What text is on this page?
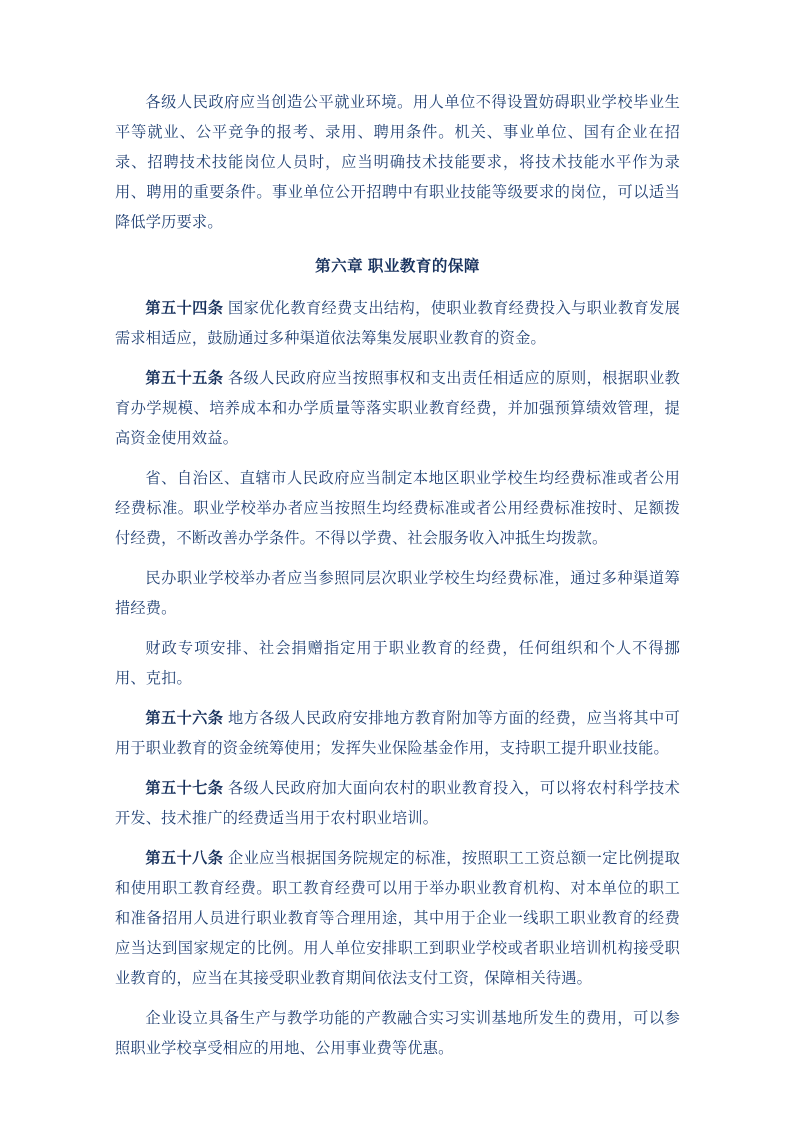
各级人民政府应当创造公平就业环境。用人单位不得设置妨碍职业学校毕业生平等就业、公平竞争的报考、录用、聘用条件。机关、事业单位、国有企业在招录、招聘技术技能岗位人员时，应当明确技术技能要求，将技术技能水平作为录用、聘用的重要条件。事业单位公开招聘中有职业技能等级要求的岗位，可以适当降低学历要求。

第六章 职业教育的保障

第五十四条 国家优化教育经费支出结构，使职业教育经费投入与职业教育发展需求相适应，鼓励通过多种渠道依法筹集发展职业教育的资金。

第五十五条 各级人民政府应当按照事权和支出责任相适应的原则，根据职业教育办学规模、培养成本和办学质量等落实职业教育经费，并加强预算绩效管理，提高资金使用效益。

省、自治区、直辖市人民政府应当制定本地区职业学校生均经费标准或者公用经费标准。职业学校举办者应当按照生均经费标准或者公用经费标准按时、足额拨付经费，不断改善办学条件。不得以学费、社会服务收入冲抵生均拨款。

民办职业学校举办者应当参照同层次职业学校生均经费标准，通过多种渠道筹措经费。

财政专项安排、社会捐赠指定用于职业教育的经费，任何组织和个人不得挪用、克扣。

第五十六条 地方各级人民政府安排地方教育附加等方面的经费，应当将其中可用于职业教育的资金统筹使用；发挥失业保险基金作用，支持职工提升职业技能。

第五十七条 各级人民政府加大面向农村的职业教育投入，可以将农村科学技术开发、技术推广的经费适当用于农村职业培训。

第五十八条 企业应当根据国务院规定的标准，按照职工工资总额一定比例提取和使用职工教育经费。职工教育经费可以用于举办职业教育机构、对本单位的职工和准备招用人员进行职业教育等合理用途，其中用于企业一线职工职业教育的经费应当达到国家规定的比例。用人单位安排职工到职业学校或者职业培训机构接受职业教育的，应当在其接受职业教育期间依法支付工资，保障相关待遇。

企业设立具备生产与教学功能的产教融合实习实训基地所发生的费用，可以参照职业学校享受相应的用地、公用事业费等优惠。
